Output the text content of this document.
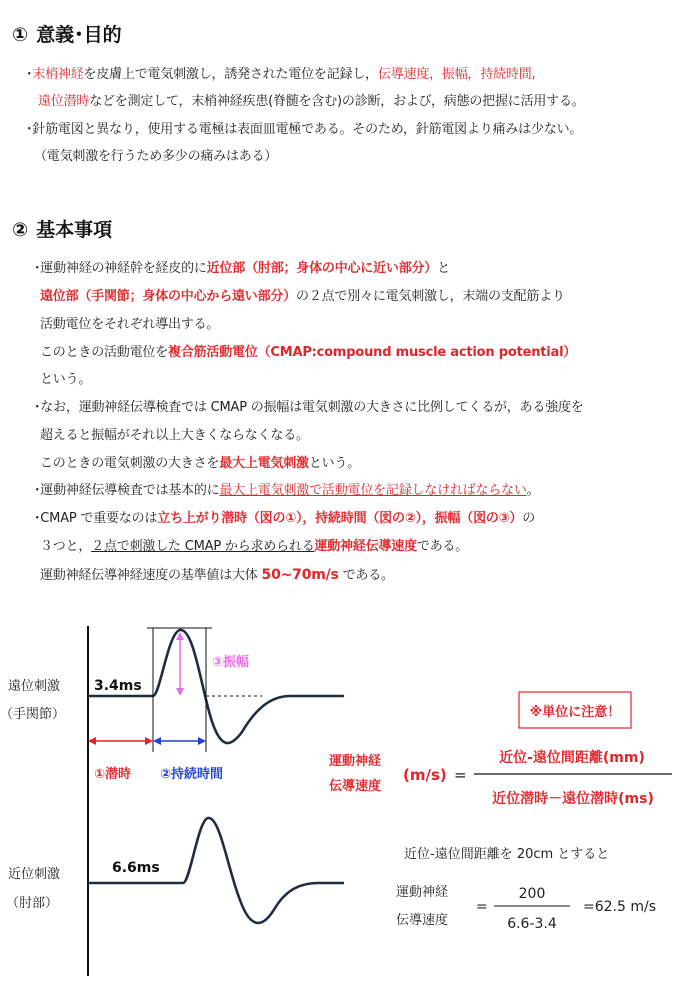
① 意義･目的
･末梢神経を皮膚上で電気刺激し，誘発された電位を記録し，伝導速度，振幅，持続時間,
遠位潜時などを測定して，末梢神経疾患(脊髄を含む)の診断，および，病態の把握に活用する。
･針筋電図と異なり，使用する電極は表面皿電極である。そのため，針筋電図より痛みは少ない。
（電気刺激を行うため多少の痛みはある）
② 基本事項
･運動神経の神経幹を経皮的に近位部（肘部；身体の中心に近い部分）と
遠位部（手関節；身体の中心から遠い部分）の２点で別々に電気刺激し，末端の支配筋より
活動電位をそれぞれ導出する。
このときの活動電位を複合筋活動電位（CMAP:compound muscle action potential）
という。
･なお，運動神経伝導検査では CMAP の振幅は電気刺激の大きさに比例してくるが，ある強度を
超えると振幅がそれ以上大きくならなくなる。
このときの電気刺激の大きさを最大上電気刺激という。
･運動神経伝導検査では基本的に最大上電気刺激で活動電位を記録しなければならない。
･CMAP で重要なのは立ち上がり潜時（図の①），持続時間（図の②），振幅（図の③）の
３つと，２点で刺激した CMAP から求められる運動神経伝導速度である。
運動神経伝導神経速度の基準値は大体 50~70m/s である。
③振幅
①潜時 ②持続時間
3.4ms
6.6ms
遠位刺激
（手関節）
近位刺激
（肘部）
※単位に注意！
運動神経
伝導速度
(m/s) =
近位-遠位間距離(mm)
近位潜時－遠位潜時(ms)
近位-遠位間距離を 20cm とすると
運動神経
伝導速度
=
200
6.6-3.4
=62.5 m/s
